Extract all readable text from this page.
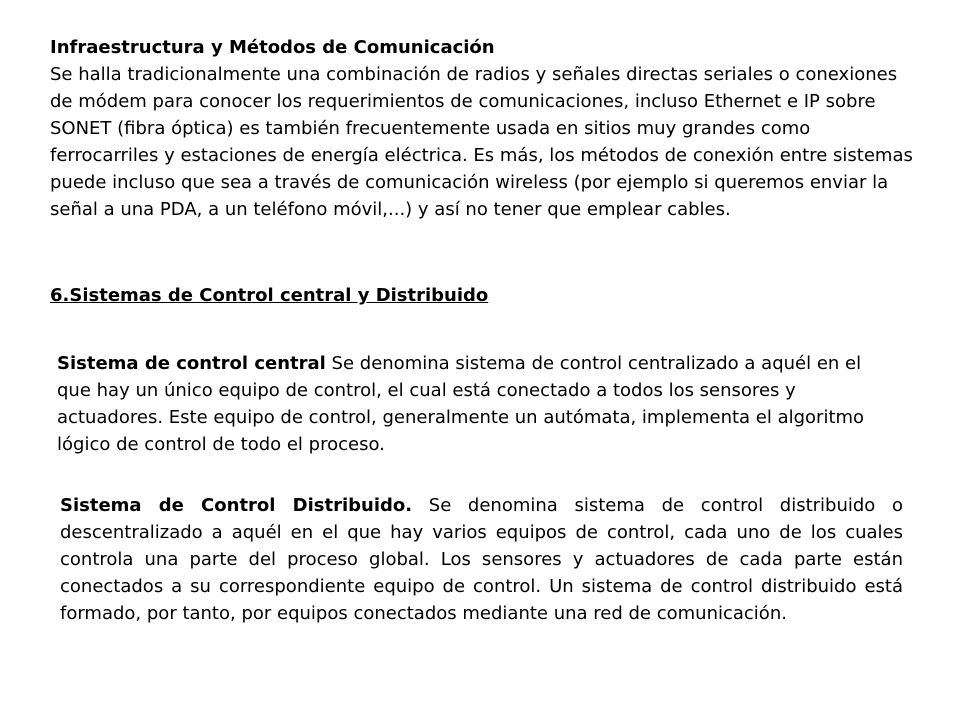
Infraestructura y Métodos de Comunicación
Se halla tradicionalmente una combinación de radios y señales directas seriales o conexiones de módem para conocer los requerimientos de comunicaciones, incluso Ethernet e IP sobre SONET (fibra óptica) es también frecuentemente usada en sitios muy grandes como ferrocarriles y estaciones de energía eléctrica. Es más, los métodos de conexión entre sistemas puede incluso que sea a través de comunicación wireless (por ejemplo si queremos enviar la señal a una PDA, a un teléfono móvil,...) y así no tener que emplear cables.
6.Sistemas de Control central y Distribuido

Sistema de control central Se denomina sistema de control centralizado a aquél en el que hay un único equipo de control, el cual está conectado a todos los sensores y actuadores. Este equipo de control, generalmente un autómata, implementa el algoritmo lógico de control de todo el proceso.

Sistema de Control Distribuido. Se denomina sistema de control distribuido o descentralizado a aquél en el que hay varios equipos de control, cada uno de los cuales controla una parte del proceso global. Los sensores y actuadores de cada parte están conectados a su correspondiente equipo de control. Un sistema de control distribuido está formado, por tanto, por equipos conectados mediante una red de comunicación.
